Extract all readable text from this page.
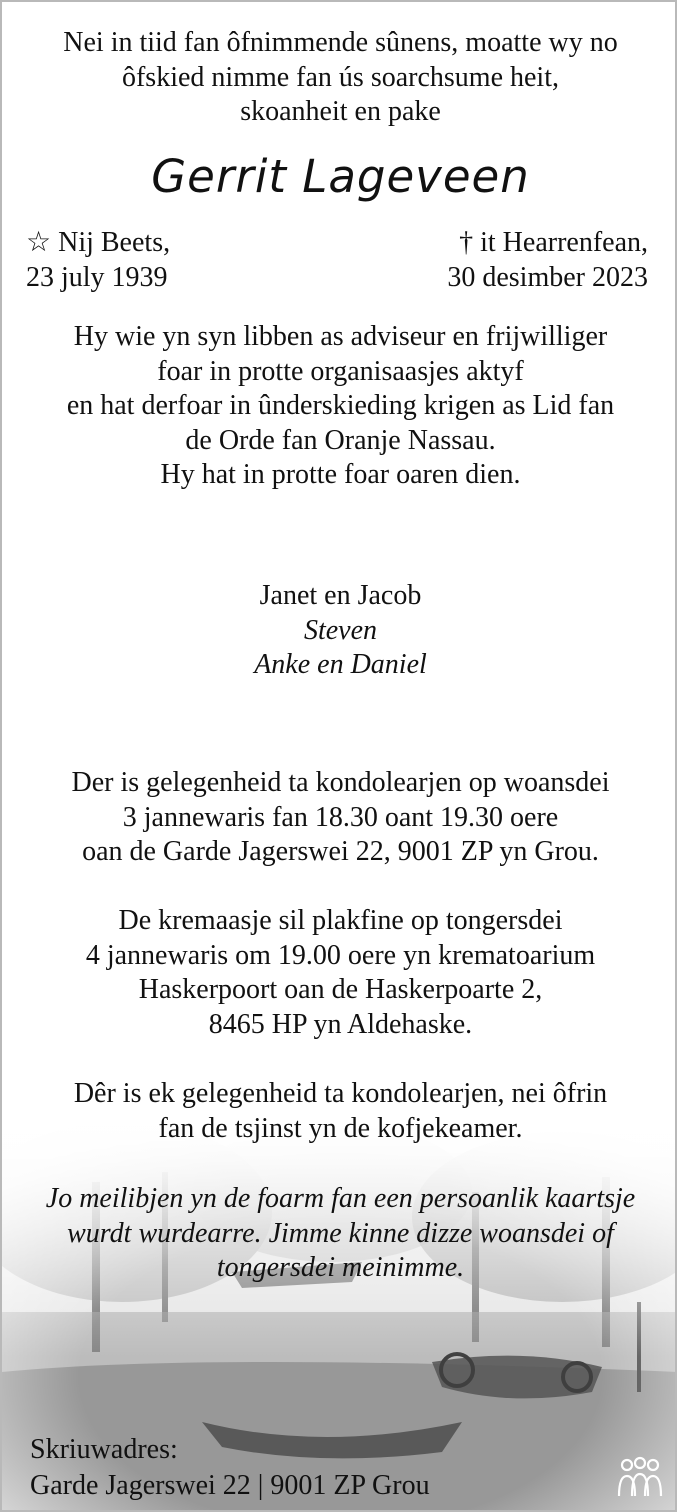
Nei in tiid fan ôfnimmende sûnens, moatte wy no
ôfskied nimme fan ús soarchsume heit,
skoanheit en pake
Gerrit Lageveen
☆ Nij Beets,
23 july 1939
† it Hearrenfean,
30 desimber 2023
Hy wie yn syn libben as adviseur en frijwilliger
foar in protte organisaasjes aktyf
en hat derfoar in ûnderskieding krigen as Lid fan
de Orde fan Oranje Nassau.
Hy hat in protte foar oaren dien.
Janet en Jacob
Steven
Anke en Daniel
Der is gelegenheid ta kondolearjen op woansdei
3 jannewaris fan 18.30 oant 19.30 oere
oan de Garde Jagerswei 22, 9001 ZP yn Grou.
De kremaasje sil plakfine op tongersdei
4 jannewaris om 19.00 oere yn krematoarium
Haskerpoort oan de Haskerpoarte 2,
8465 HP yn Aldehaske.
Dêr is ek gelegenheid ta kondolearjen, nei ôfrin
fan de tsjinst yn de kofjekeamer.
Jo meilibjen yn de foarm fan een persoanlik kaartsje
wurdt wurdearre. Jimme kinne dizze woansdei of
tongersdei meinimme.
Skriuwadres:
Garde Jagerswei 22 | 9001 ZP Grou
